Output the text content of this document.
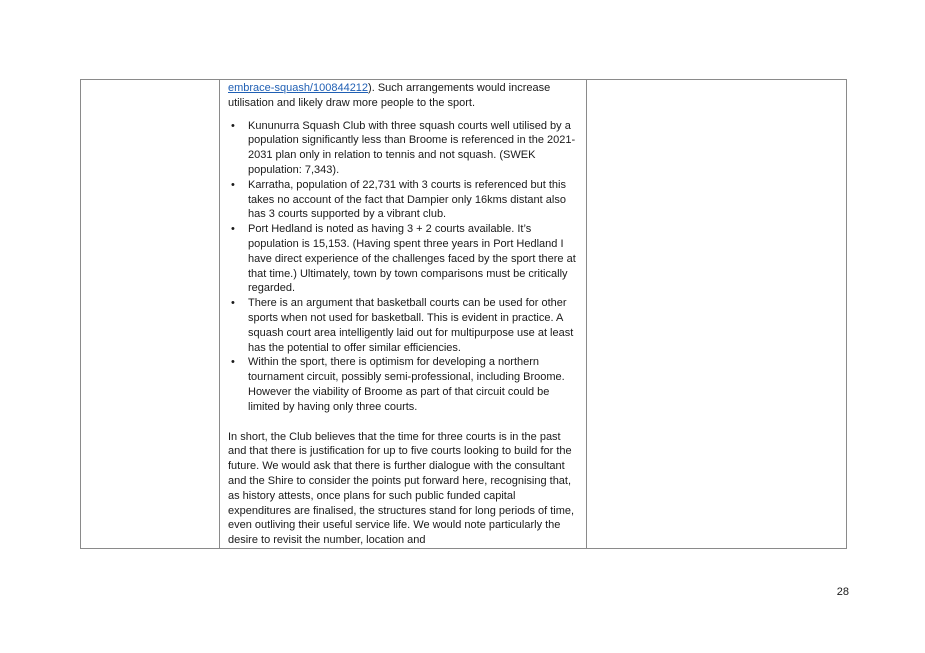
embrace-squash/100844212). Such arrangements would increase utilisation and likely draw more people to the sport.

• Kununurra Squash Club with three squash courts well utilised by a population significantly less than Broome is referenced in the 2021-2031 plan only in relation to tennis and not squash. (SWEK population: 7,343).
• Karratha, population of 22,731 with 3 courts is referenced but this takes no account of the fact that Dampier only 16kms distant also has 3 courts supported by a vibrant club.
• Port Hedland is noted as having 3 + 2 courts available. It’s population is 15,153. (Having spent three years in Port Hedland I have direct experience of the challenges faced by the sport there at that time.) Ultimately, town by town comparisons must be critically regarded.
• There is an argument that basketball courts can be used for other sports when not used for basketball. This is evident in practice. A squash court area intelligently laid out for multipurpose use at least has the potential to offer similar efficiencies.
• Within the sport, there is optimism for developing a northern tournament circuit, possibly semi-professional, including Broome. However the viability of Broome as part of that circuit could be limited by having only three courts.

In short, the Club believes that the time for three courts is in the past and that there is justification for up to five courts looking to build for the future. We would ask that there is further dialogue with the consultant and the Shire to consider the points put forward here, recognising that, as history attests, once plans for such public funded capital expenditures are finalised, the structures stand for long periods of time, even outliving their useful service life. We would note particularly the desire to revisit the number, location and

28
